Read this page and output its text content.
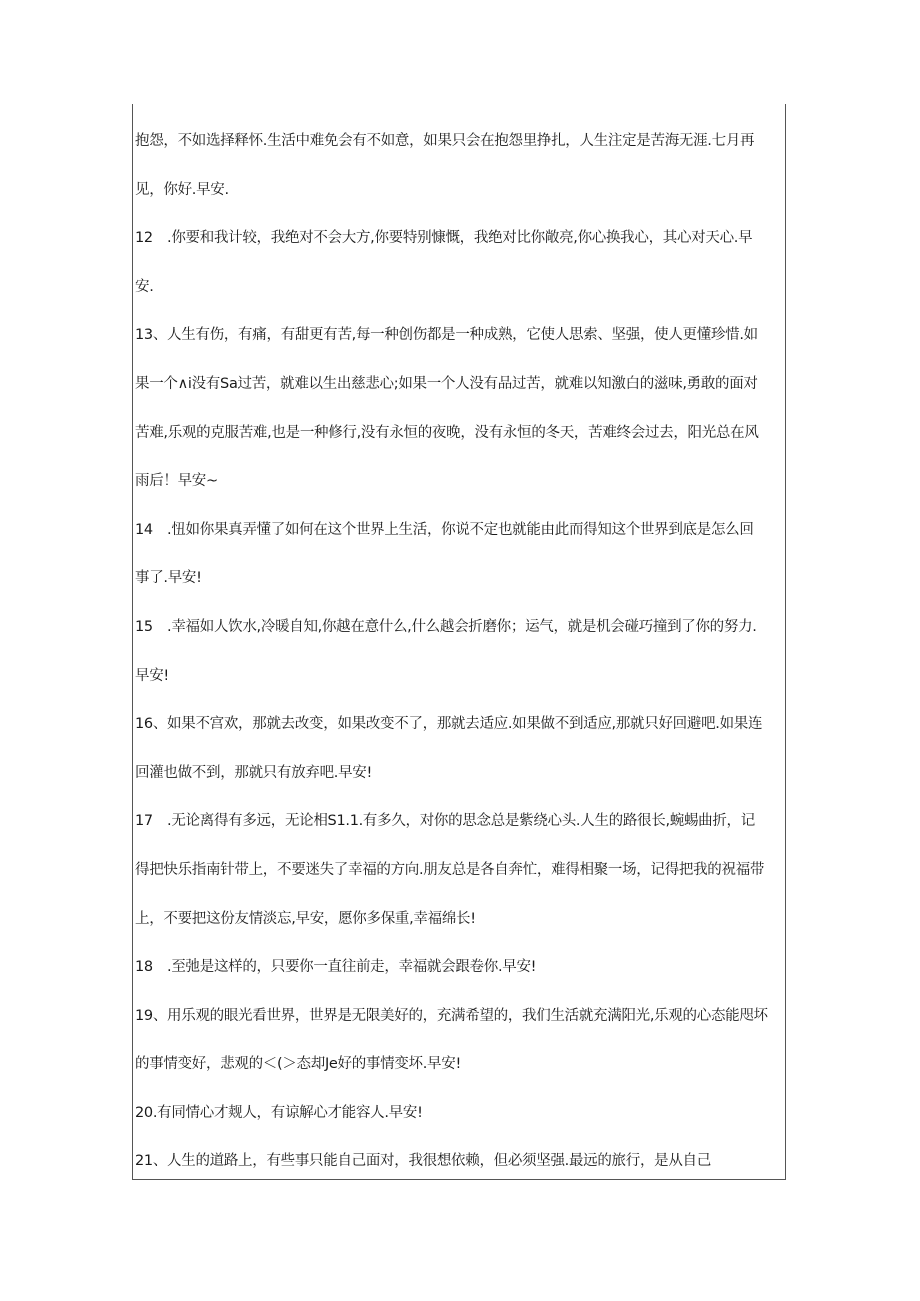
抱怨，不如选择释怀.生活中难免会有不如意，如果只会在抱怨里挣扎，人生注定是苦海无涯.七月再
见，你好.早安.
12　.你要和我计较，我绝对不会大方,你要特别慷慨，我绝对比你敞亮,你心换我心，其心对天心.早
安.
13、人生有伤，有痛，有甜更有苦,每一种创伤都是一种成熟，它使人思索、坚强，使人更懂珍惜.如
果一个∧i没有Sa过苦，就难以生出慈悲心;如果一个人没有品过苦，就难以知激白的滋味,勇敢的面对
苦难,乐观的克服苦难,也是一种修行,没有永恒的夜晚，没有永恒的冬天，苦难终会过去，阳光总在风
雨后！早安~
14　.忸如你果真弄懂了如何在这个世界上生活，你说不定也就能由此而得知这个世界到底是怎么回
事了.早安!
15　.幸福如人饮水,冷暖自知,你越在意什么,什么越会折磨你；运气，就是机会碰巧撞到了你的努力.
早安!
16、如果不宫欢，那就去改变，如果改变不了，那就去适应.如果做不到适应,那就只好回避吧.如果连
回灌也做不到，那就只有放弃吧.早安!
17　.无论离得有多远，无论相S1.1.有多久，对你的思念总是紫绕心头.人生的路很长,蜿蜴曲折，记
得把快乐指南针带上，不要迷失了幸福的方向.朋友总是各自奔忙，难得相聚一场，记得把我的祝福带
上，不要把这份友情淡忘,早安，愿你多保重,幸福绵长!
18　.至弛是这样的，只要你一直往前走，幸福就会跟卷你.早安!
19、用乐观的眼光看世界，世界是无限美好的，充满希望的，我们生活就充满阳光,乐观的心态能咫坏
的事情变好，悲观的＜(＞态却Je好的事情变坏.早安!
20.有同情心才觌人，有谅解心才能容人.早安!
21、人生的道路上，有些事只能自己面对，我很想依赖，但必须坚强.最远的旅行，是从自己
